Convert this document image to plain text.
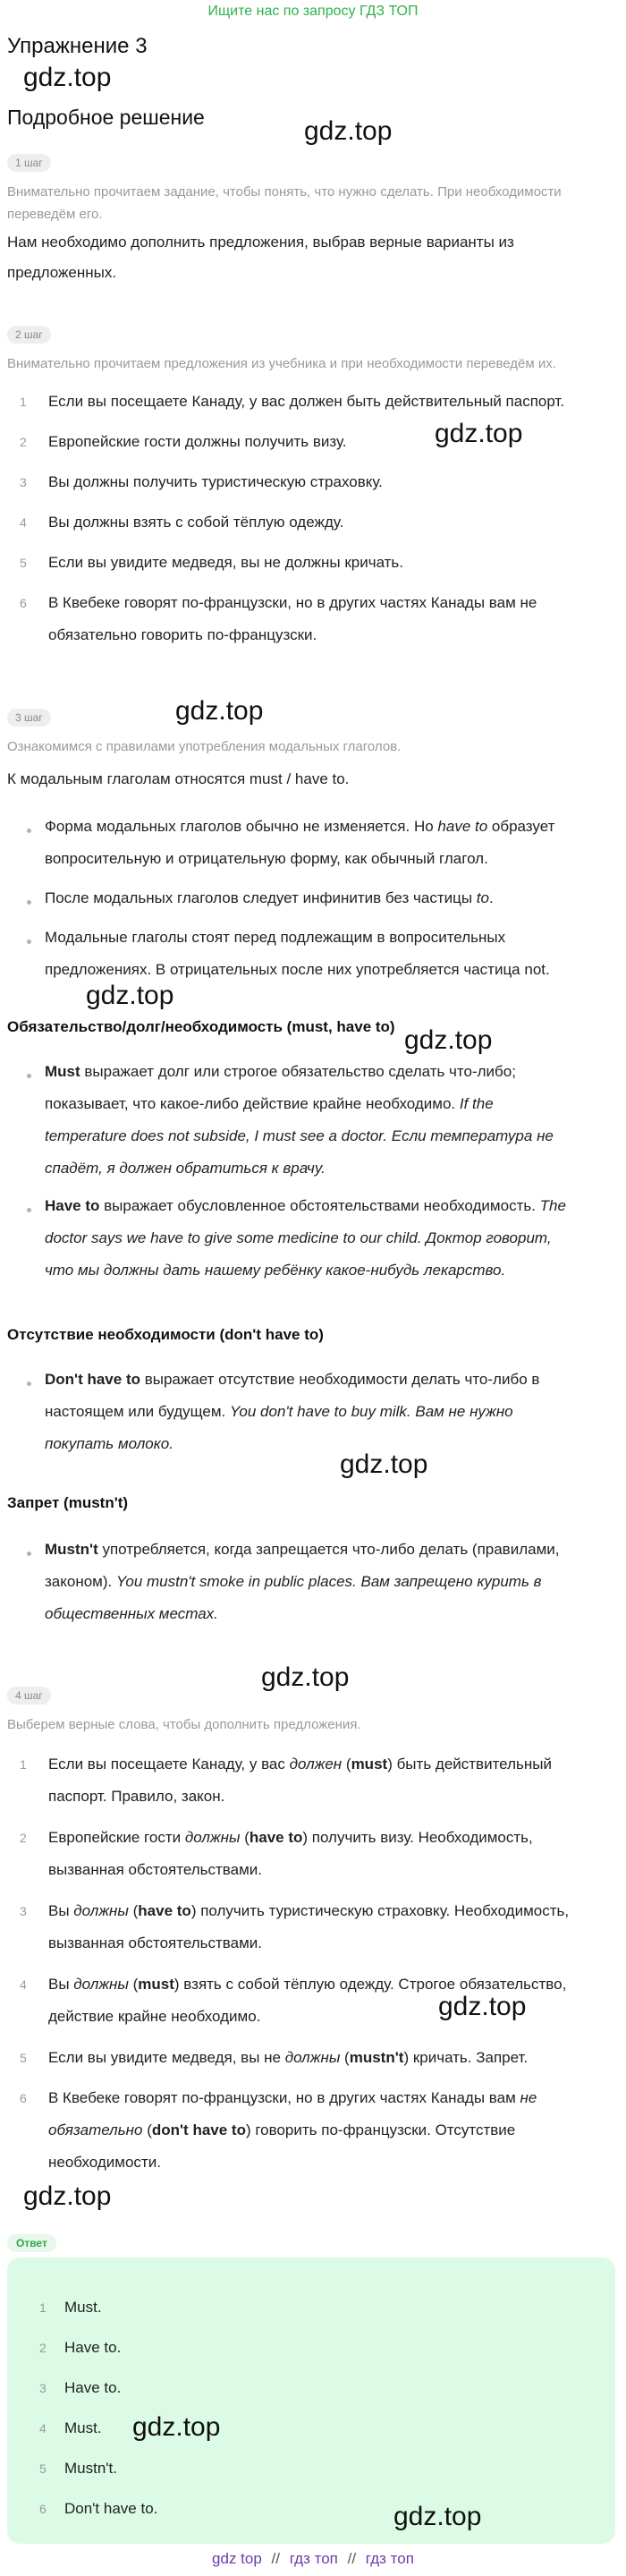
Ищите нас по запросу ГДЗ ТОП
Упражнение 3
gdz.top
Подробное решение	gdz.top
1 шаг
Внимательно прочитаем задание, чтобы понять, что нужно сделать. При необходимости
переведём его.
Нам необходимо дополнить предложения, выбрав верные варианты из
предложенных.
2 шаг
Внимательно прочитаем предложения из учебника и при необходимости переведём их.
1 Если вы посещаете Канаду, у вас должен быть действительный паспорт.
2 Европейские гости должны получить визу.	gdz.top
3 Вы должны получить туристическую страховку.
4 Вы должны взять с собой тёплую одежду.
5 Если вы увидите медведя, вы не должны кричать.
6 В Квебеке говорят по-французски, но в других частях Канады вам не
обязательно говорить по-французски.
3 шаг	gdz.top
Ознакомимся с правилами употребления модальных глаголов.
К модальным глаголам относятся must / have to.
Форма модальных глаголов обычно не изменяется. Но have to образует
вопросительную и отрицательную форму, как обычный глагол.
После модальных глаголов следует инфинитив без частицы to.
Модальные глаголы стоят перед подлежащим в вопросительных
предложениях. В отрицательных после них употребляется частица not.
gdz.top
Обязательство/долг/необходимость (must, have to) gdz.top
Must выражает долг или строгое обязательство сделать что-либо;
показывает, что какое-либо действие крайне необходимо. If the
temperature does not subside, I must see a doctor. Если температура не
спадёт, я должен обратиться к врачу.
Have to выражает обусловленное обстоятельствами необходимость. The
doctor says we have to give some medicine to our child. Доктор говорит,
что мы должны дать нашему ребёнку какое-нибудь лекарство.
Отсутствие необходимости (don't have to)
Don't have to выражает отсутствие необходимости делать что-либо в
настоящем или будущем. You don't have to buy milk. Вам не нужно
покупать молоко.
gdz.top
Запрет (mustn't)
Mustn't употребляется, когда запрещается что-либо делать (правилами,
законом). You mustn't smoke in public places. Вам запрещено курить в
общественных местах.
gdz.top
4 шаг
Выберем верные слова, чтобы дополнить предложения.
1 Если вы посещаете Канаду, у вас должен (must) быть действительный
паспорт. Правило, закон.
2 Европейские гости должны (have to) получить визу. Необходимость,
вызванная обстоятельствами.
3 Вы должны (have to) получить туристическую страховку. Необходимость,
вызванная обстоятельствами.
4 Вы должны (must) взять с собой тёплую одежду. Строгое обязательство,
действие крайне необходимо.	gdz.top
5 Если вы увидите медведя, вы не должны (mustn't) кричать. Запрет.
6 В Квебеке говорят по-французски, но в других частях Канады вам не
обязательно (don't have to) говорить по-французски. Отсутствие
необходимости.
gdz.top
Ответ
1 Must.
2 Have to.
3 Have to.
4 Must.
5 Mustn't.
6 Don't have to.
gdz.top
gdz.top
gdz top // гдз топ // гдз топ
